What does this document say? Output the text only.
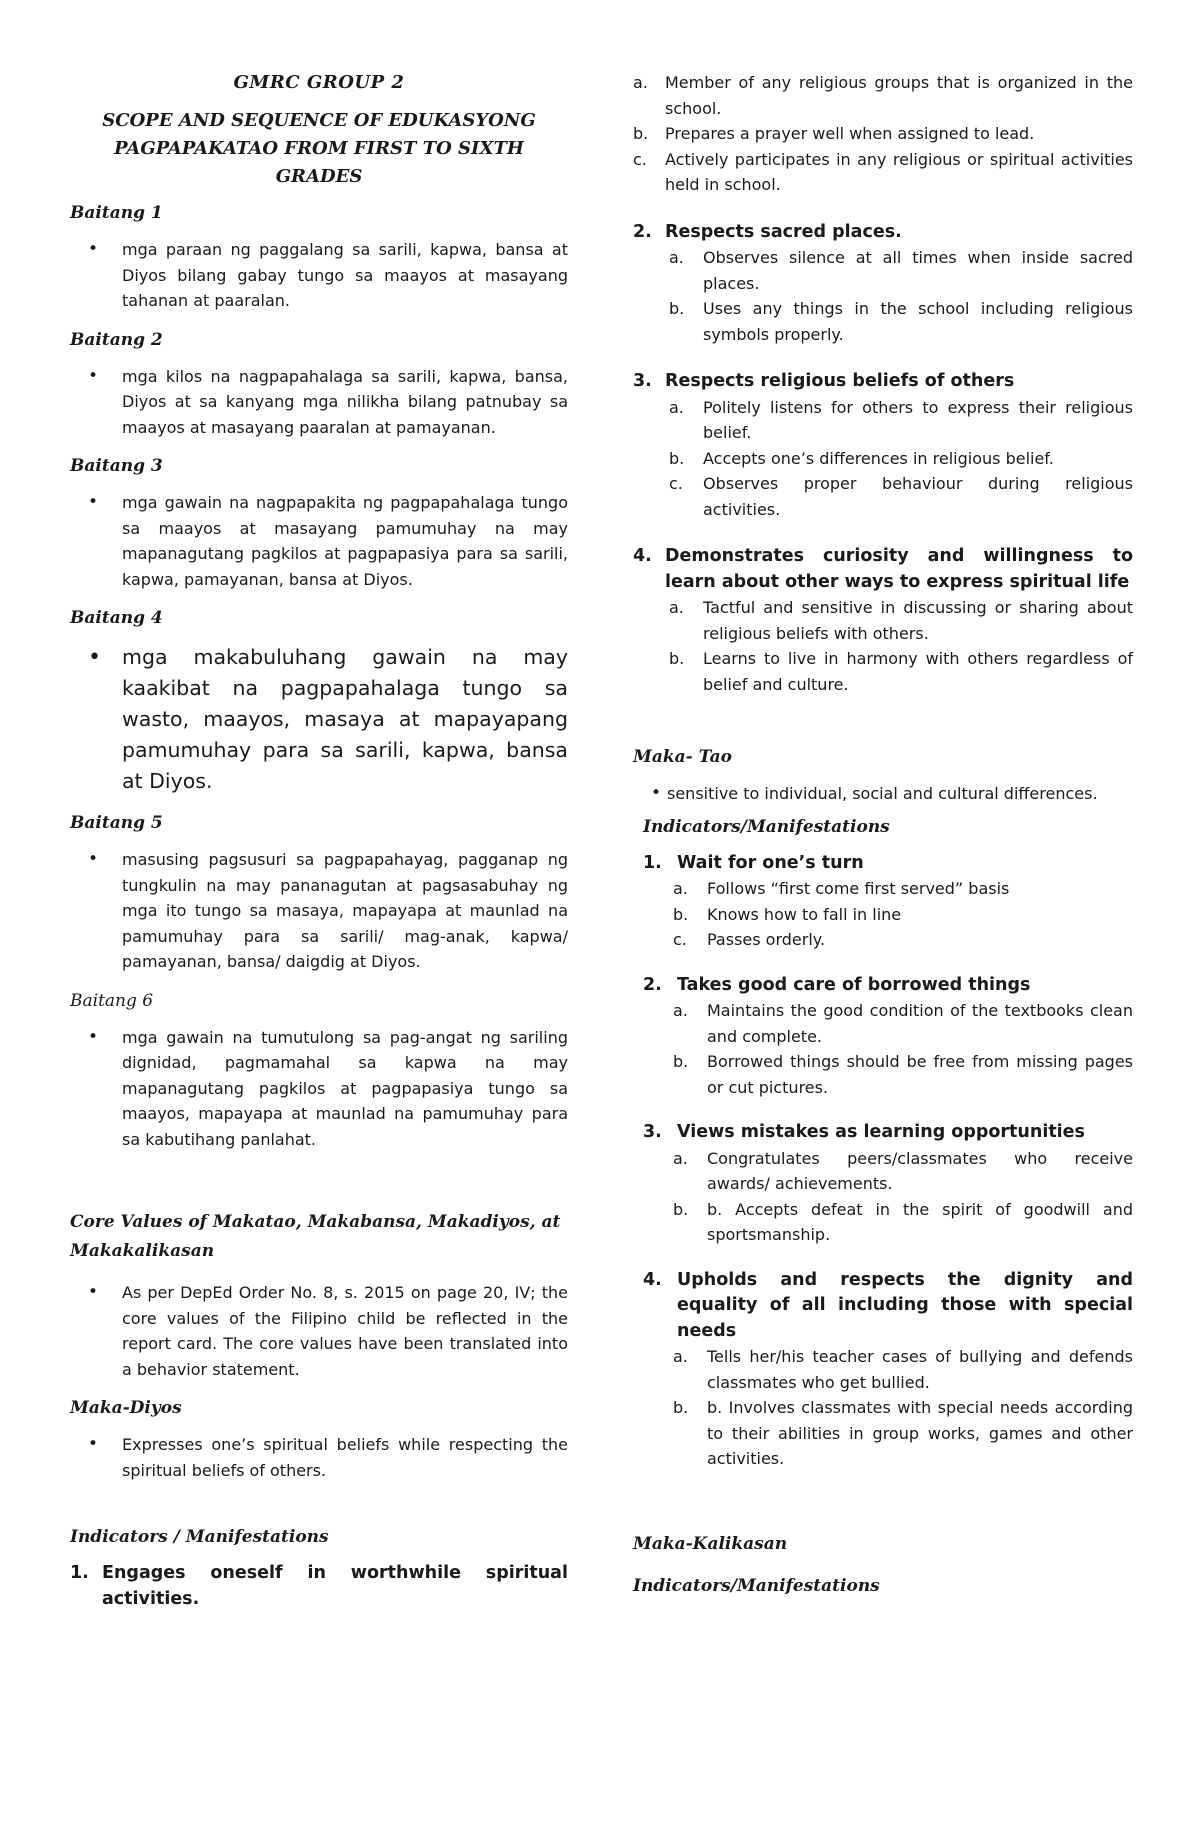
GMRC GROUP 2
SCOPE AND SEQUENCE OF EDUKASYONG PAGPAPAKATAO FROM FIRST TO SIXTH GRADES
Baitang 1
• mga paraan ng paggalang sa sarili, kapwa, bansa at Diyos bilang gabay tungo sa maayos at masayang tahanan at paaralan.
Baitang 2
• mga kilos na nagpapahalaga sa sarili, kapwa, bansa, Diyos at sa kanyang mga nilikha bilang patnubay sa maayos at masayang paaralan at pamayanan.
Baitang 3
• mga gawain na nagpapakita ng pagpapahalaga tungo sa maayos at masayang pamumuhay na may mapanagutang pagkilos at pagpapasiya para sa sarili, kapwa, pamayanan, bansa at Diyos.
Baitang 4
• mga makabuluhang gawain na may kaakibat na pagpapahalaga tungo sa wasto, maayos, masaya at mapayapang pamumuhay para sa sarili, kapwa, bansa at Diyos.
Baitang 5
• masusing pagsusuri sa pagpapahayag, pagganap ng tungkulin na may pananagutan at pagsasabuhay ng mga ito tungo sa masaya, mapayapa at maunlad na pamumuhay para sa sarili/ mag-anak, kapwa/ pamayanan, bansa/ daigdig at Diyos.
Baitang 6
• mga gawain na tumutulong sa pag-angat ng sariling dignidad, pagmamahal sa kapwa na may mapanagutang pagkilos at pagpapasiya tungo sa maayos, mapayapa at maunlad na pamumuhay para sa kabutihang panlahat.
Core Values of Makatao, Makabansa, Makadiyos, at Makakalikasan
• As per DepEd Order No. 8, s. 2015 on page 20, IV; the core values of the Filipino child be reflected in the report card. The core values have been translated into a behavior statement.
Maka-Diyos
• Expresses one’s spiritual beliefs while respecting the spiritual beliefs of others.
Indicators / Manifestations
1. Engages oneself in worthwhile spiritual activities.
a.	Member of any religious groups that is organized in the school.
b.	Prepares a prayer well when assigned to lead.
c.	Actively participates in any religious or spiritual activities held in school.
2. Respects sacred places.
a.	Observes silence at all times when inside sacred places.
b.	Uses any things in the school including religious symbols properly.
3. Respects religious beliefs of others
a.	Politely listens for others to express their religious belief.
b.	Accepts one’s differences in religious belief.
c.	Observes proper behaviour during religious activities.
4. Demonstrates curiosity and willingness to learn about other ways to express spiritual life
a.	Tactful and sensitive in discussing or sharing about religious beliefs with others.
b.	Learns to live in harmony with others regardless of belief and culture.
Maka- Tao
• sensitive to individual, social and cultural differences.
Indicators/Manifestations
1. Wait for one’s turn
a.	Follows “first come first served” basis
b.	Knows how to fall in line
c.	Passes orderly.
2. Takes good care of borrowed things
a.	Maintains the good condition of the textbooks clean and complete.
b.	Borrowed things should be free from missing pages or cut pictures.
3. Views mistakes as learning opportunities
a.	Congratulates peers/classmates who receive awards/ achievements.
b.	b. Accepts defeat in the spirit of goodwill and sportsmanship.
4. Upholds and respects the dignity and equality of all including those with special needs
a.	Tells her/his teacher cases of bullying and defends classmates who get bullied.
b.	b. Involves classmates with special needs according to their abilities in group works, games and other activities.
Maka-Kalikasan
Indicators/Manifestations
